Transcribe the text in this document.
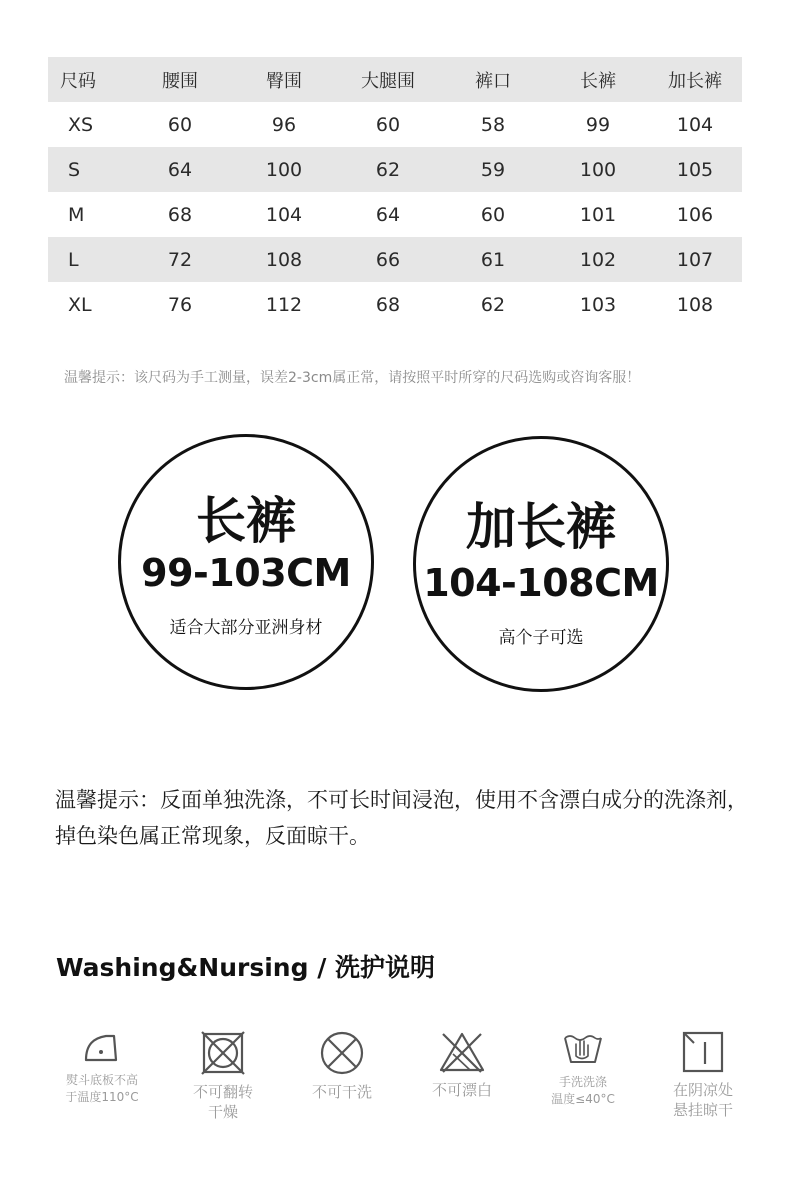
尺码	腰围	臀围	大腿围	裤口	长裤	加长裤
XS	60	96	60	58	99	104
S	64	100	62	59	100	105
M	68	104	64	60	101	106
L	72	108	66	61	102	107
XL	76	112	68	62	103	108
温馨提示：该尺码为手工测量，误差2-3cm属正常，请按照平时所穿的尺码选购或咨询客服！
长裤
99-103CM
适合大部分亚洲身材
加长裤
104-108CM
高个子可选
温馨提示：反面单独洗涤，不可长时间浸泡，使用不含漂白成分的洗涤剂，掉色染色属正常现象，反面晾干。
Washing&Nursing / 洗护说明
熨斗底板不高
于温度110°C	不可翻转
干燥
不可干洗	不可漂白	手洗洗涤
温度≤40°C	在阴凉处
悬挂晾干
